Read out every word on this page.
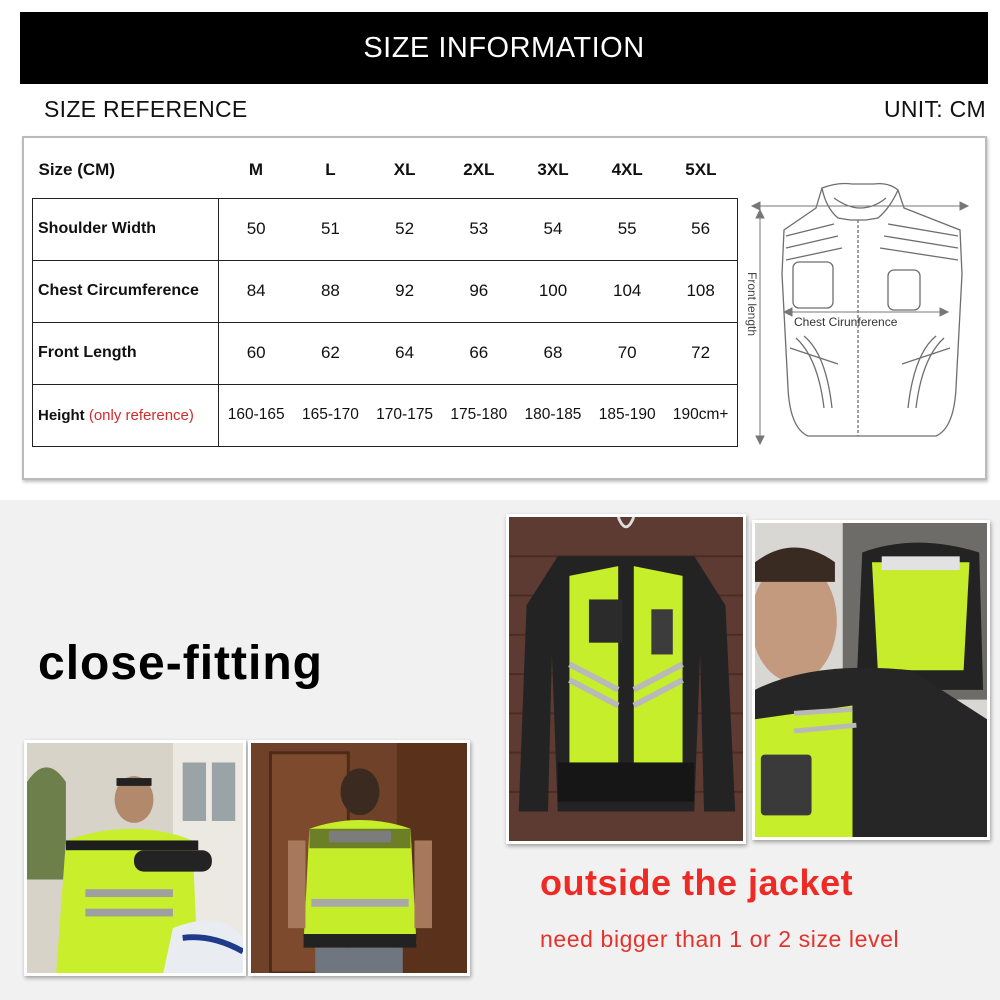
SIZE INFORMATION
SIZE REFERENCE	UNIT: CM
Size (CM)	M	L	XL	2XL	3XL	4XL	5XL
Shoulder Width	50	51	52	53	54	55	56
Chest Circumference	84	88	92	96	100	104	108
Front Length	60	62	64	66	68	70	72
Height (only reference)	160-165	165-170	170-175	175-180	180-185	185-190	190cm+
Chest Cirunference
Front length
close-fitting
outside the jacket
need bigger than 1 or 2 size level
